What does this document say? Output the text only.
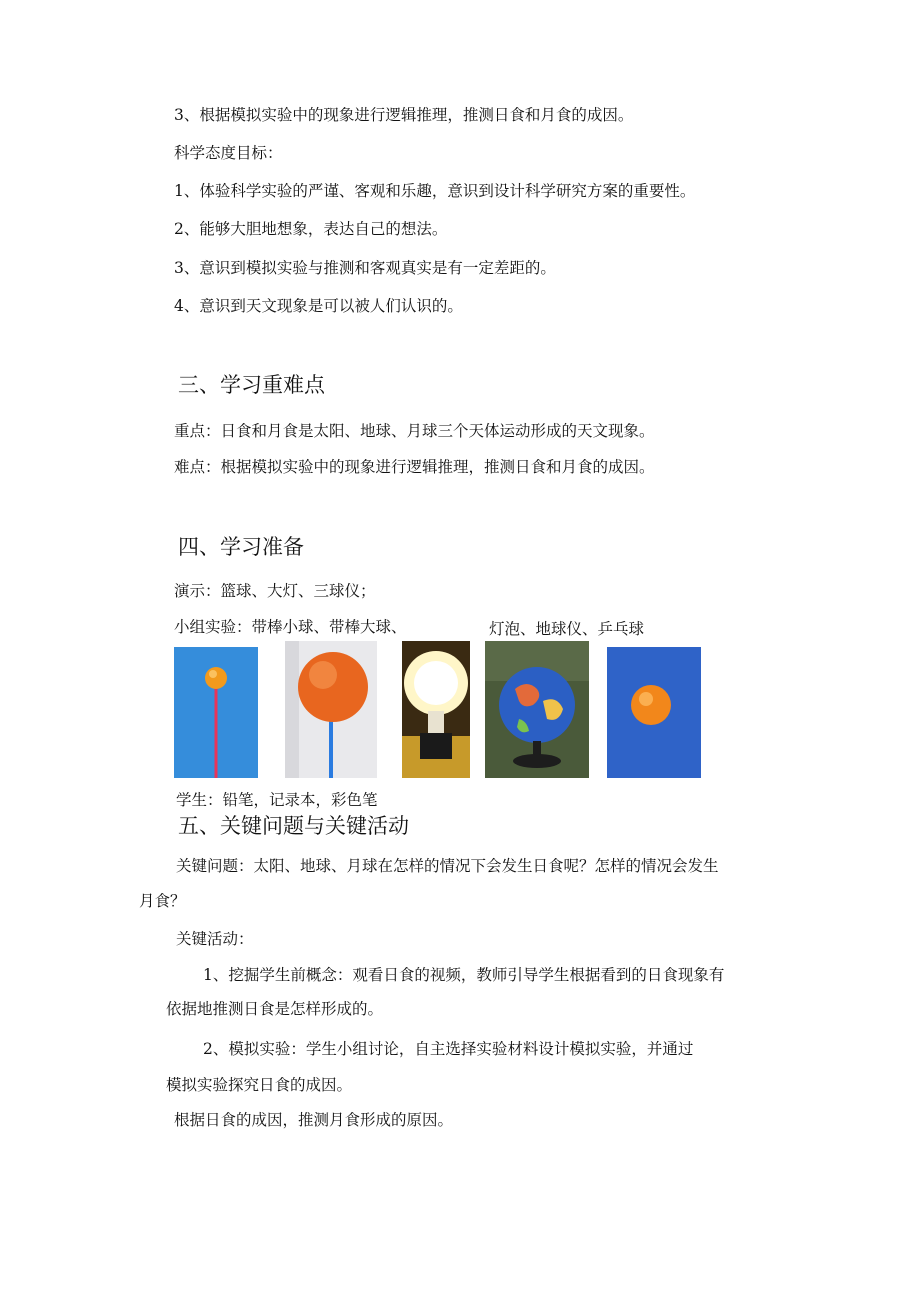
3、根据模拟实验中的现象进行逻辑推理，推测日食和月食的成因。
科学态度目标：
1、体验科学实验的严谨、客观和乐趣，意识到设计科学研究方案的重要性。
2、能够大胆地想象，表达自己的想法。
3、意识到模拟实验与推测和客观真实是有一定差距的。
4、意识到天文现象是可以被人们认识的。
三、学习重难点
重点：日食和月食是太阳、地球、月球三个天体运动形成的天文现象。
难点：根据模拟实验中的现象进行逻辑推理，推测日食和月食的成因。
四、学习准备
演示：篮球、大灯、三球仪；
小组实验：带棒小球、带棒大球、	灯泡、地球仪、乒乓球
学生：铅笔，记录本，彩色笔
五、关键问题与关键活动
关键问题：太阳、地球、月球在怎样的情况下会发生日食呢？怎样的情况会发生
月食？
关键活动：
1、挖掘学生前概念：观看日食的视频，教师引导学生根据看到的日食现象有
依据地推测日食是怎样形成的。
2、模拟实验：学生小组讨论，自主选择实验材料设计模拟实验，并通过
模拟实验探究日食的成因。
根据日食的成因，推测月食形成的原因。
